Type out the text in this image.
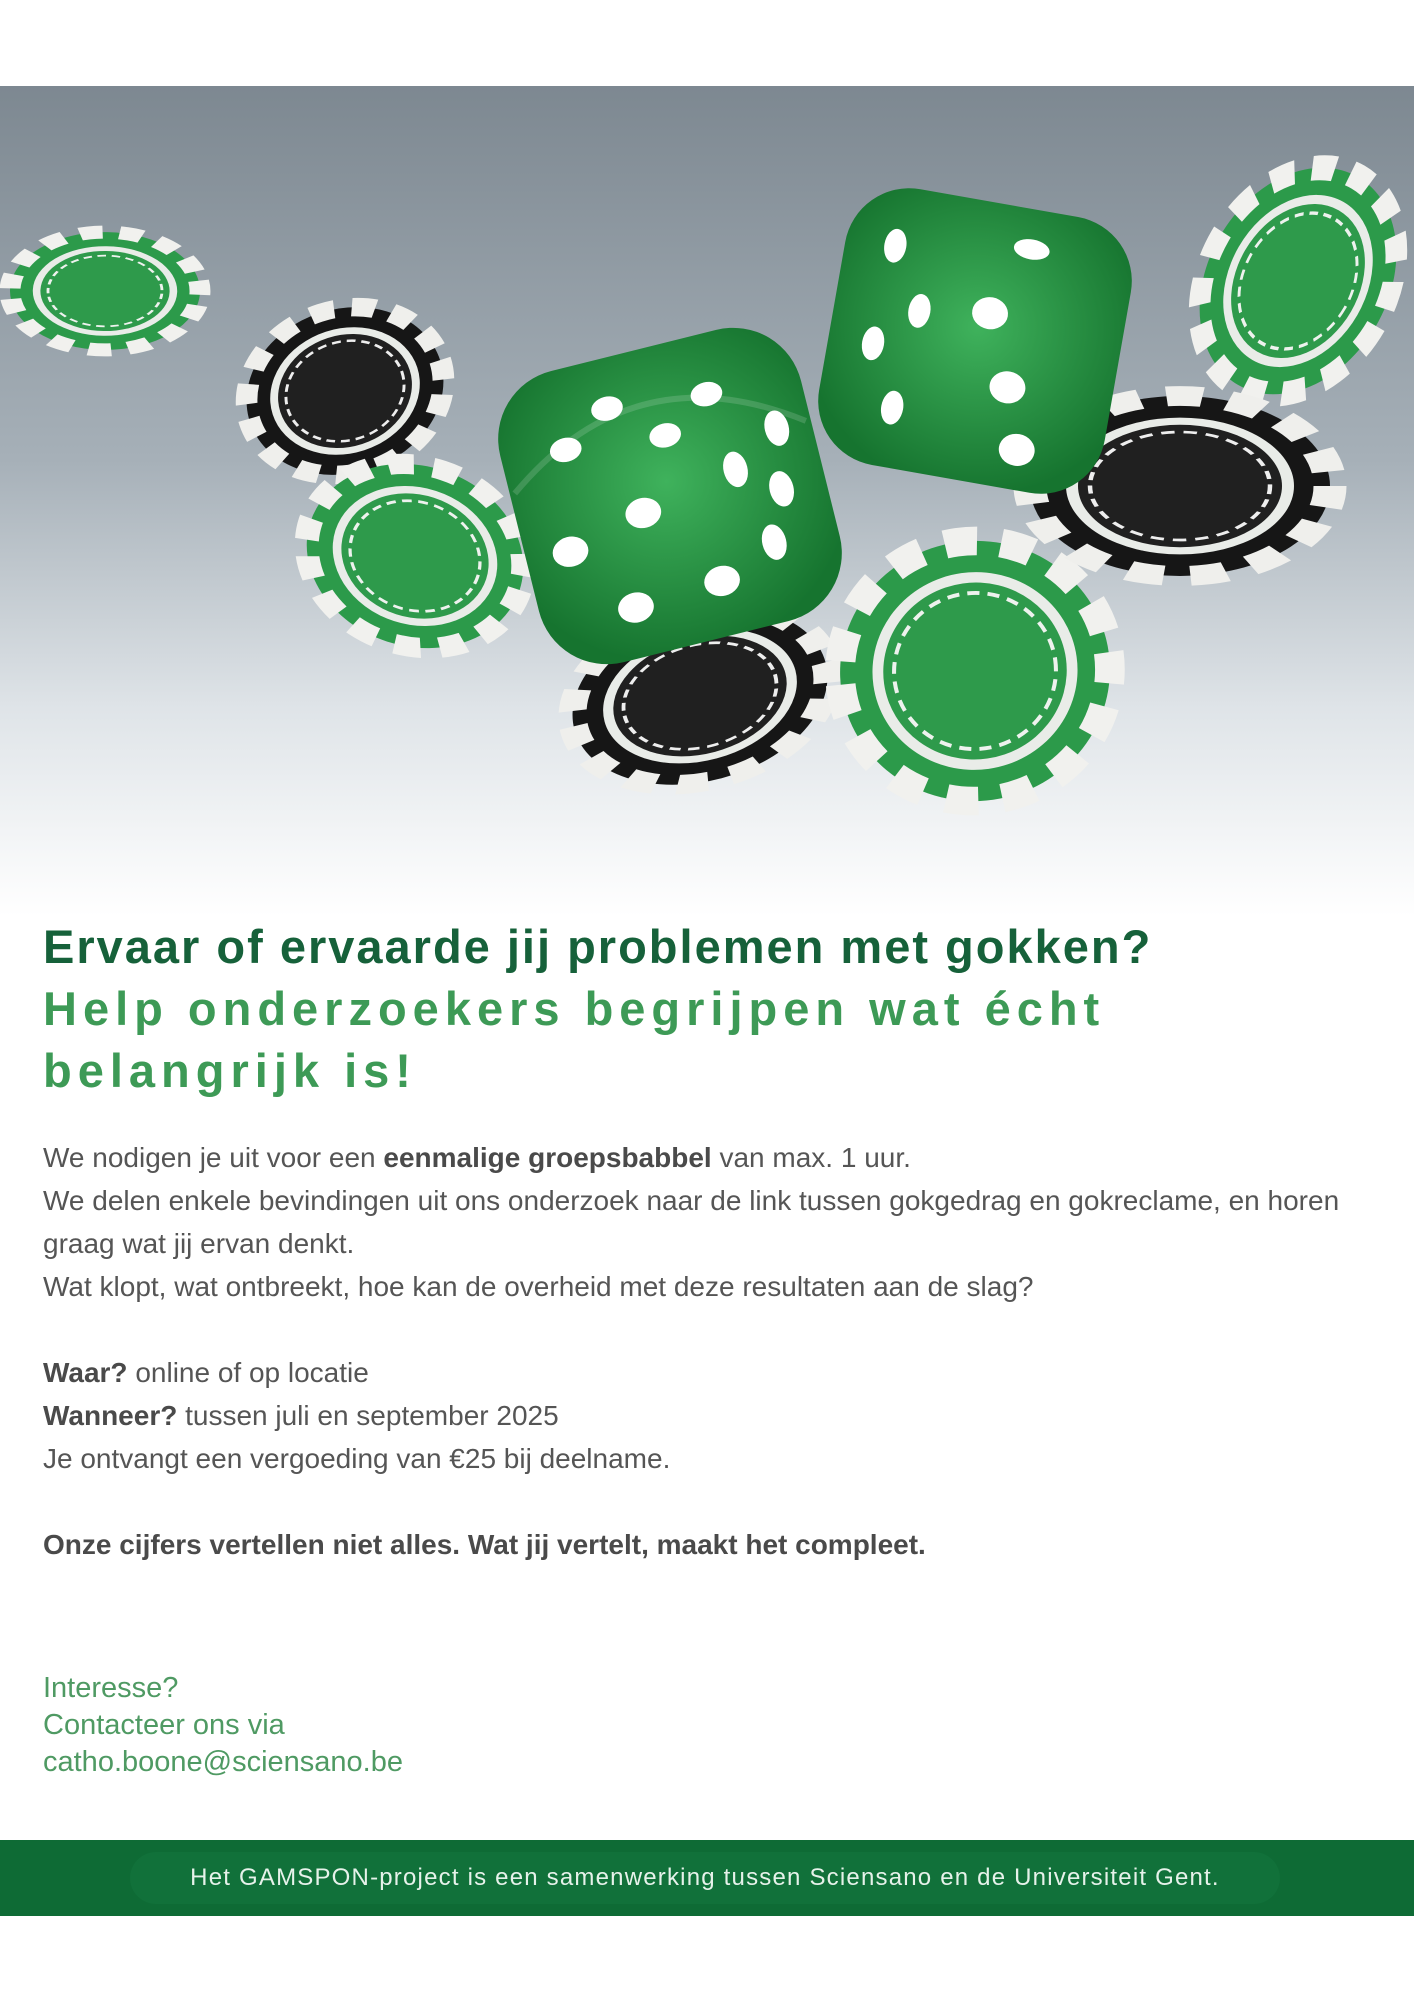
Ervaar of ervaarde jij problemen met gokken?

Help onderzoekers begrijpen wat écht

belangrijk is!

We nodigen je uit voor een eenmalige groepsbabbel van max. 1 uur.

We delen enkele bevindingen uit ons onderzoek naar de link tussen gokgedrag en gokreclame, en horen graag wat jij ervan denkt.

Wat klopt, wat ontbreekt, hoe kan de overheid met deze resultaten aan de slag?

Waar? online of op locatie

Wanneer? tussen juli en september 2025

Je ontvangt een vergoeding van €25 bij deelname.

Onze cijfers vertellen niet alles. Wat jij vertelt, maakt het compleet.

Interesse?

Contacteer ons via

catho.boone@sciensano.be

Het GAMSPON-project is een samenwerking tussen Sciensano en de Universiteit Gent.
